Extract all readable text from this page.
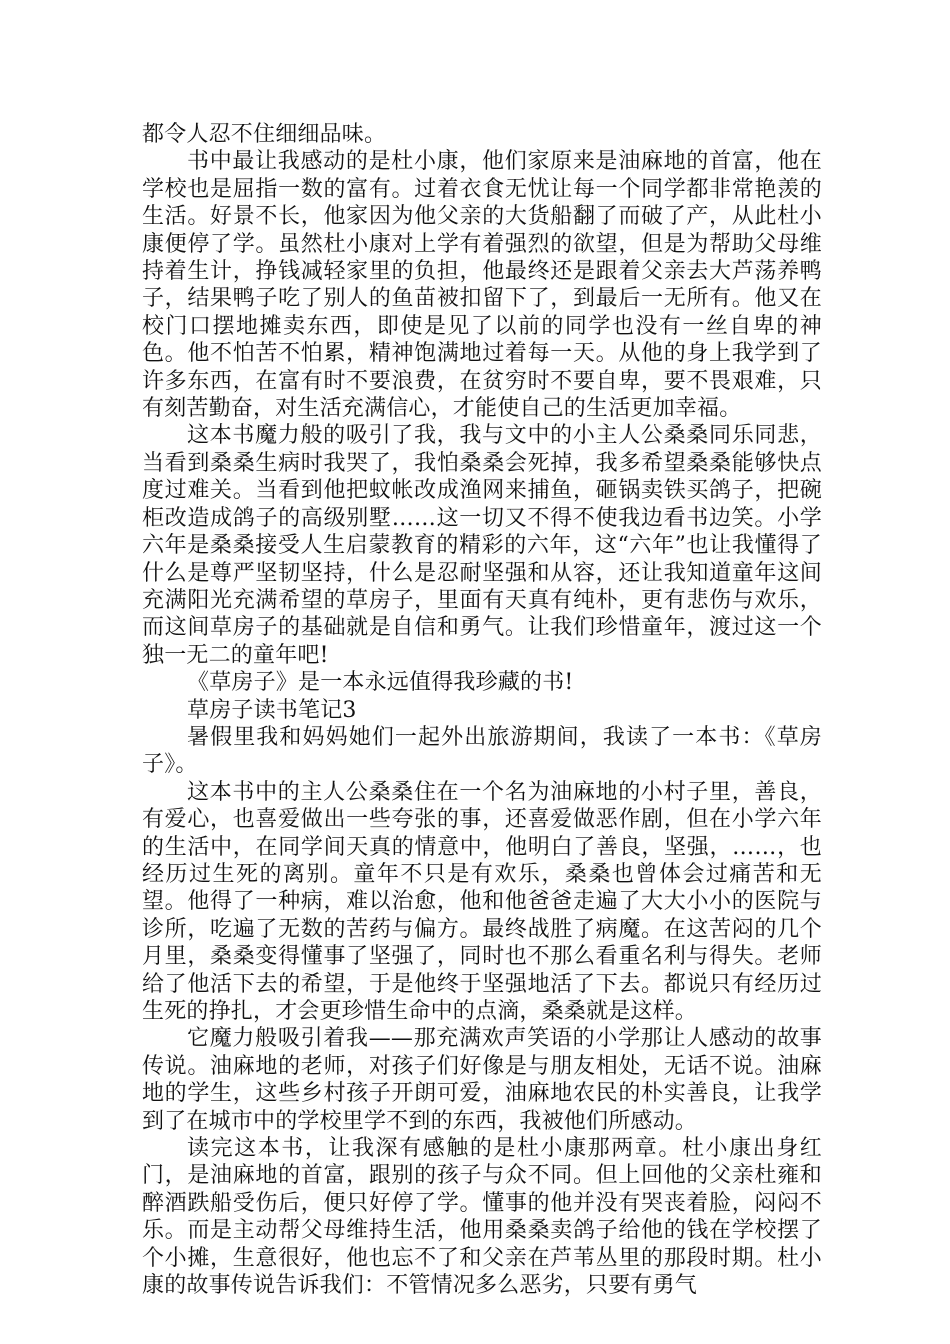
都令人忍不住细细品味。

书中最让我感动的是杜小康，他们家原来是油麻地的首富，他在学校也是屈指一数的富有。过着衣食无忧让每一个同学都非常艳羡的生活。好景不长，他家因为他父亲的大货船翻了而破了产，从此杜小康便停了学。虽然杜小康对上学有着强烈的欲望，但是为帮助父母维持着生计，挣钱减轻家里的负担，他最终还是跟着父亲去大芦荡养鸭子，结果鸭子吃了别人的鱼苗被扣留下了，到最后一无所有。他又在校门口摆地摊卖东西，即使是见了以前的同学也没有一丝自卑的神色。他不怕苦不怕累，精神饱满地过着每一天。从他的身上我学到了许多东西，在富有时不要浪费，在贫穷时不要自卑，要不畏艰难，只有刻苦勤奋，对生活充满信心，才能使自己的生活更加幸福。

这本书魔力般的吸引了我，我与文中的小主人公桑桑同乐同悲，当看到桑桑生病时我哭了，我怕桑桑会死掉，我多希望桑桑能够快点度过难关。当看到他把蚊帐改成渔网来捕鱼，砸锅卖铁买鸽子，把碗柜改造成鸽子的高级别墅……这一切又不得不使我边看书边笑。小学六年是桑桑接受人生启蒙教育的精彩的六年，这“六年”也让我懂得了什么是尊严坚韧坚持，什么是忍耐坚强和从容，还让我知道童年这间充满阳光充满希望的草房子，里面有天真有纯朴，更有悲伤与欢乐，而这间草房子的基础就是自信和勇气。让我们珍惜童年，渡过这一个独一无二的童年吧!

《草房子》是一本永远值得我珍藏的书!

草房子读书笔记3

暑假里我和妈妈她们一起外出旅游期间，我读了一本书：《草房子》。

这本书中的主人公桑桑住在一个名为油麻地的小村子里，善良，有爱心，也喜爱做出一些夸张的事，还喜爱做恶作剧，但在小学六年的生活中，在同学间天真的情意中，他明白了善良，坚强，……，也经历过生死的离别。童年不只是有欢乐，桑桑也曾体会过痛苦和无望。他得了一种病，难以治愈，他和他爸爸走遍了大大小小的医院与诊所，吃遍了无数的苦药与偏方。最终战胜了病魔。在这苦闷的几个月里，桑桑变得懂事了坚强了，同时也不那么看重名利与得失。老师给了他活下去的希望，于是他终于坚强地活了下去。都说只有经历过生死的挣扎，才会更珍惜生命中的点滴，桑桑就是这样。

它魔力般吸引着我——那充满欢声笑语的小学那让人感动的故事传说。油麻地的老师，对孩子们好像是与朋友相处，无话不说。油麻地的学生，这些乡村孩子开朗可爱，油麻地农民的朴实善良，让我学到了在城市中的学校里学不到的东西，我被他们所感动。

读完这本书，让我深有感触的是杜小康那两章。杜小康出身红门，是油麻地的首富，跟别的孩子与众不同。但上回他的父亲杜雍和醉酒跌船受伤后，便只好停了学。懂事的他并没有哭丧着脸，闷闷不乐。而是主动帮父母维持生活，他用桑桑卖鸽子给他的钱在学校摆了个小摊，生意很好，他也忘不了和父亲在芦苇丛里的那段时期。杜小康的故事传说告诉我们：不管情况多么恶劣，只要有勇气
